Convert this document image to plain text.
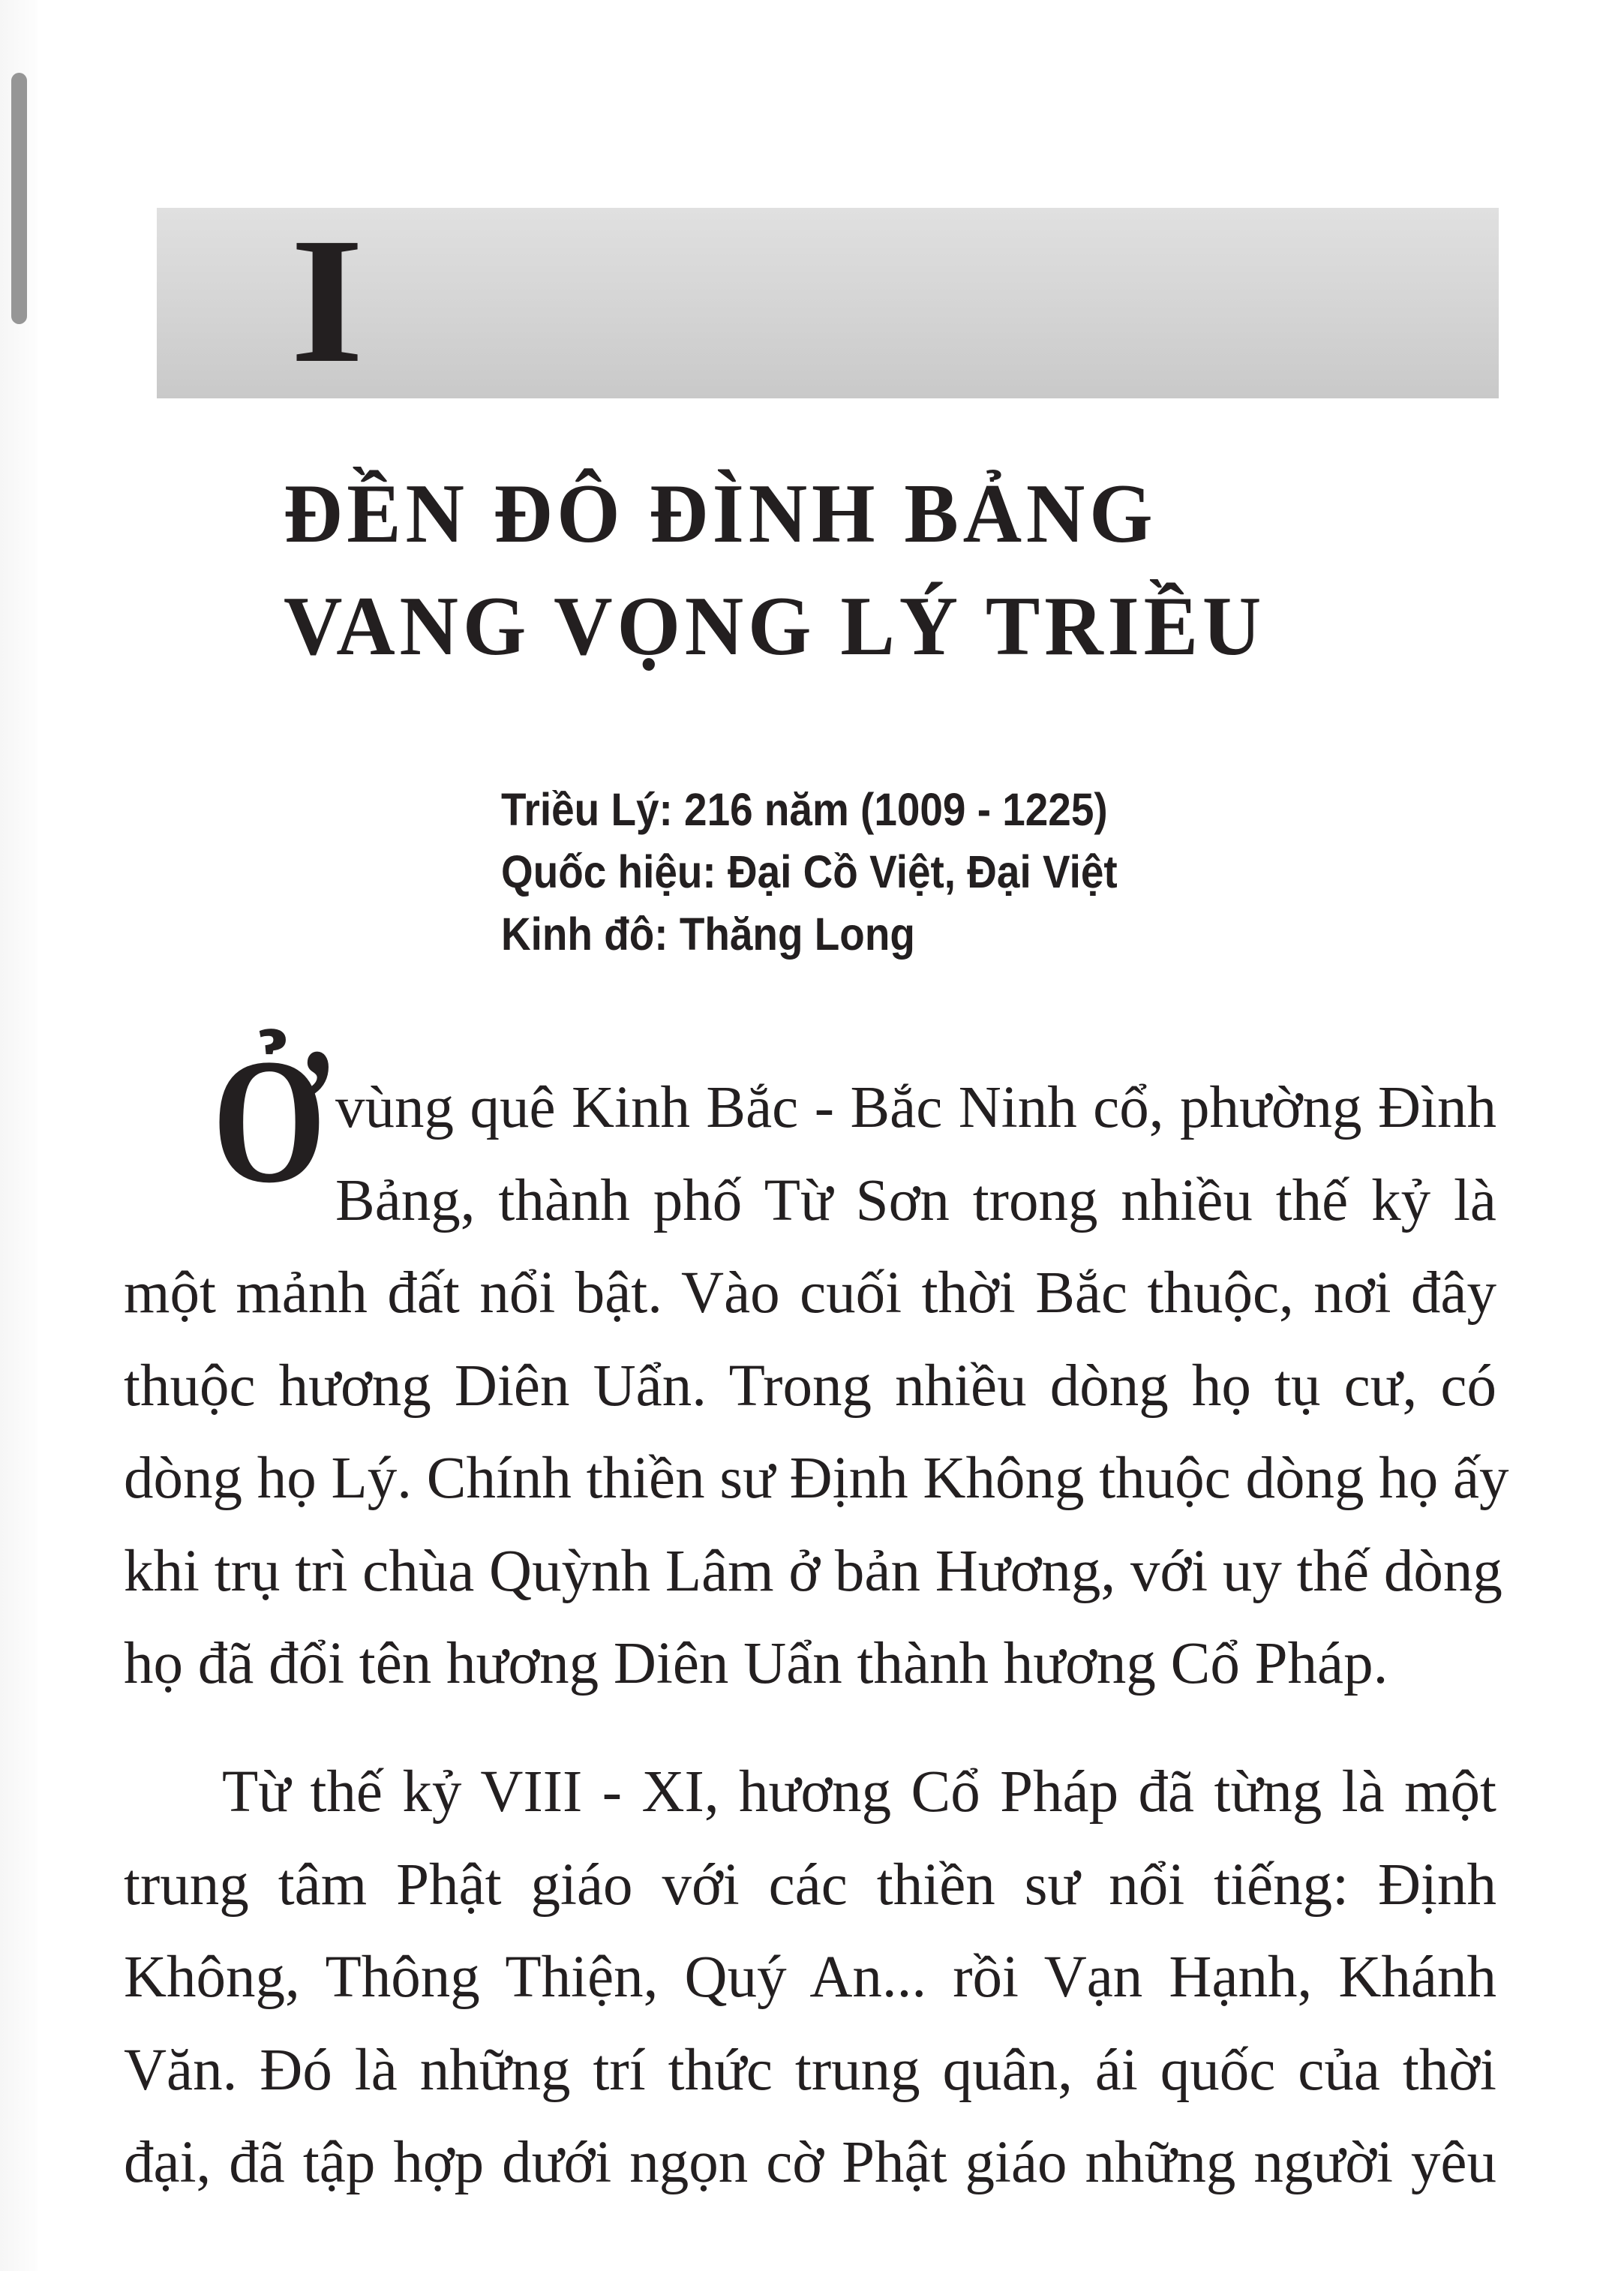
I
ĐỀN ĐÔ ĐÌNH BẢNG
VANG VỌNG LÝ TRIỀU
Triều Lý: 216 năm (1009 - 1225)
Quốc hiệu: Đại Cồ Việt, Đại Việt
Kinh đô: Thăng Long
Ở vùng quê Kinh Bắc - Bắc Ninh cổ, phường Đình
Bảng, thành phố Từ Sơn trong nhiều thế kỷ là
một mảnh đất nổi bật. Vào cuối thời Bắc thuộc, nơi đây
thuộc hương Diên Uẩn. Trong nhiều dòng họ tụ cư, có
dòng họ Lý. Chính thiền sư Định Không thuộc dòng họ ấy
khi trụ trì chùa Quỳnh Lâm ở bản Hương, với uy thế dòng
họ đã đổi tên hương Diên Uẩn thành hương Cổ Pháp.
Từ thế kỷ VIII - XI, hương Cổ Pháp đã từng là một
trung tâm Phật giáo với các thiền sư nổi tiếng: Định
Không, Thông Thiện, Quý An... rồi Vạn Hạnh, Khánh
Văn. Đó là những trí thức trung quân, ái quốc của thời
đại, đã tập hợp dưới ngọn cờ Phật giáo những người yêu
